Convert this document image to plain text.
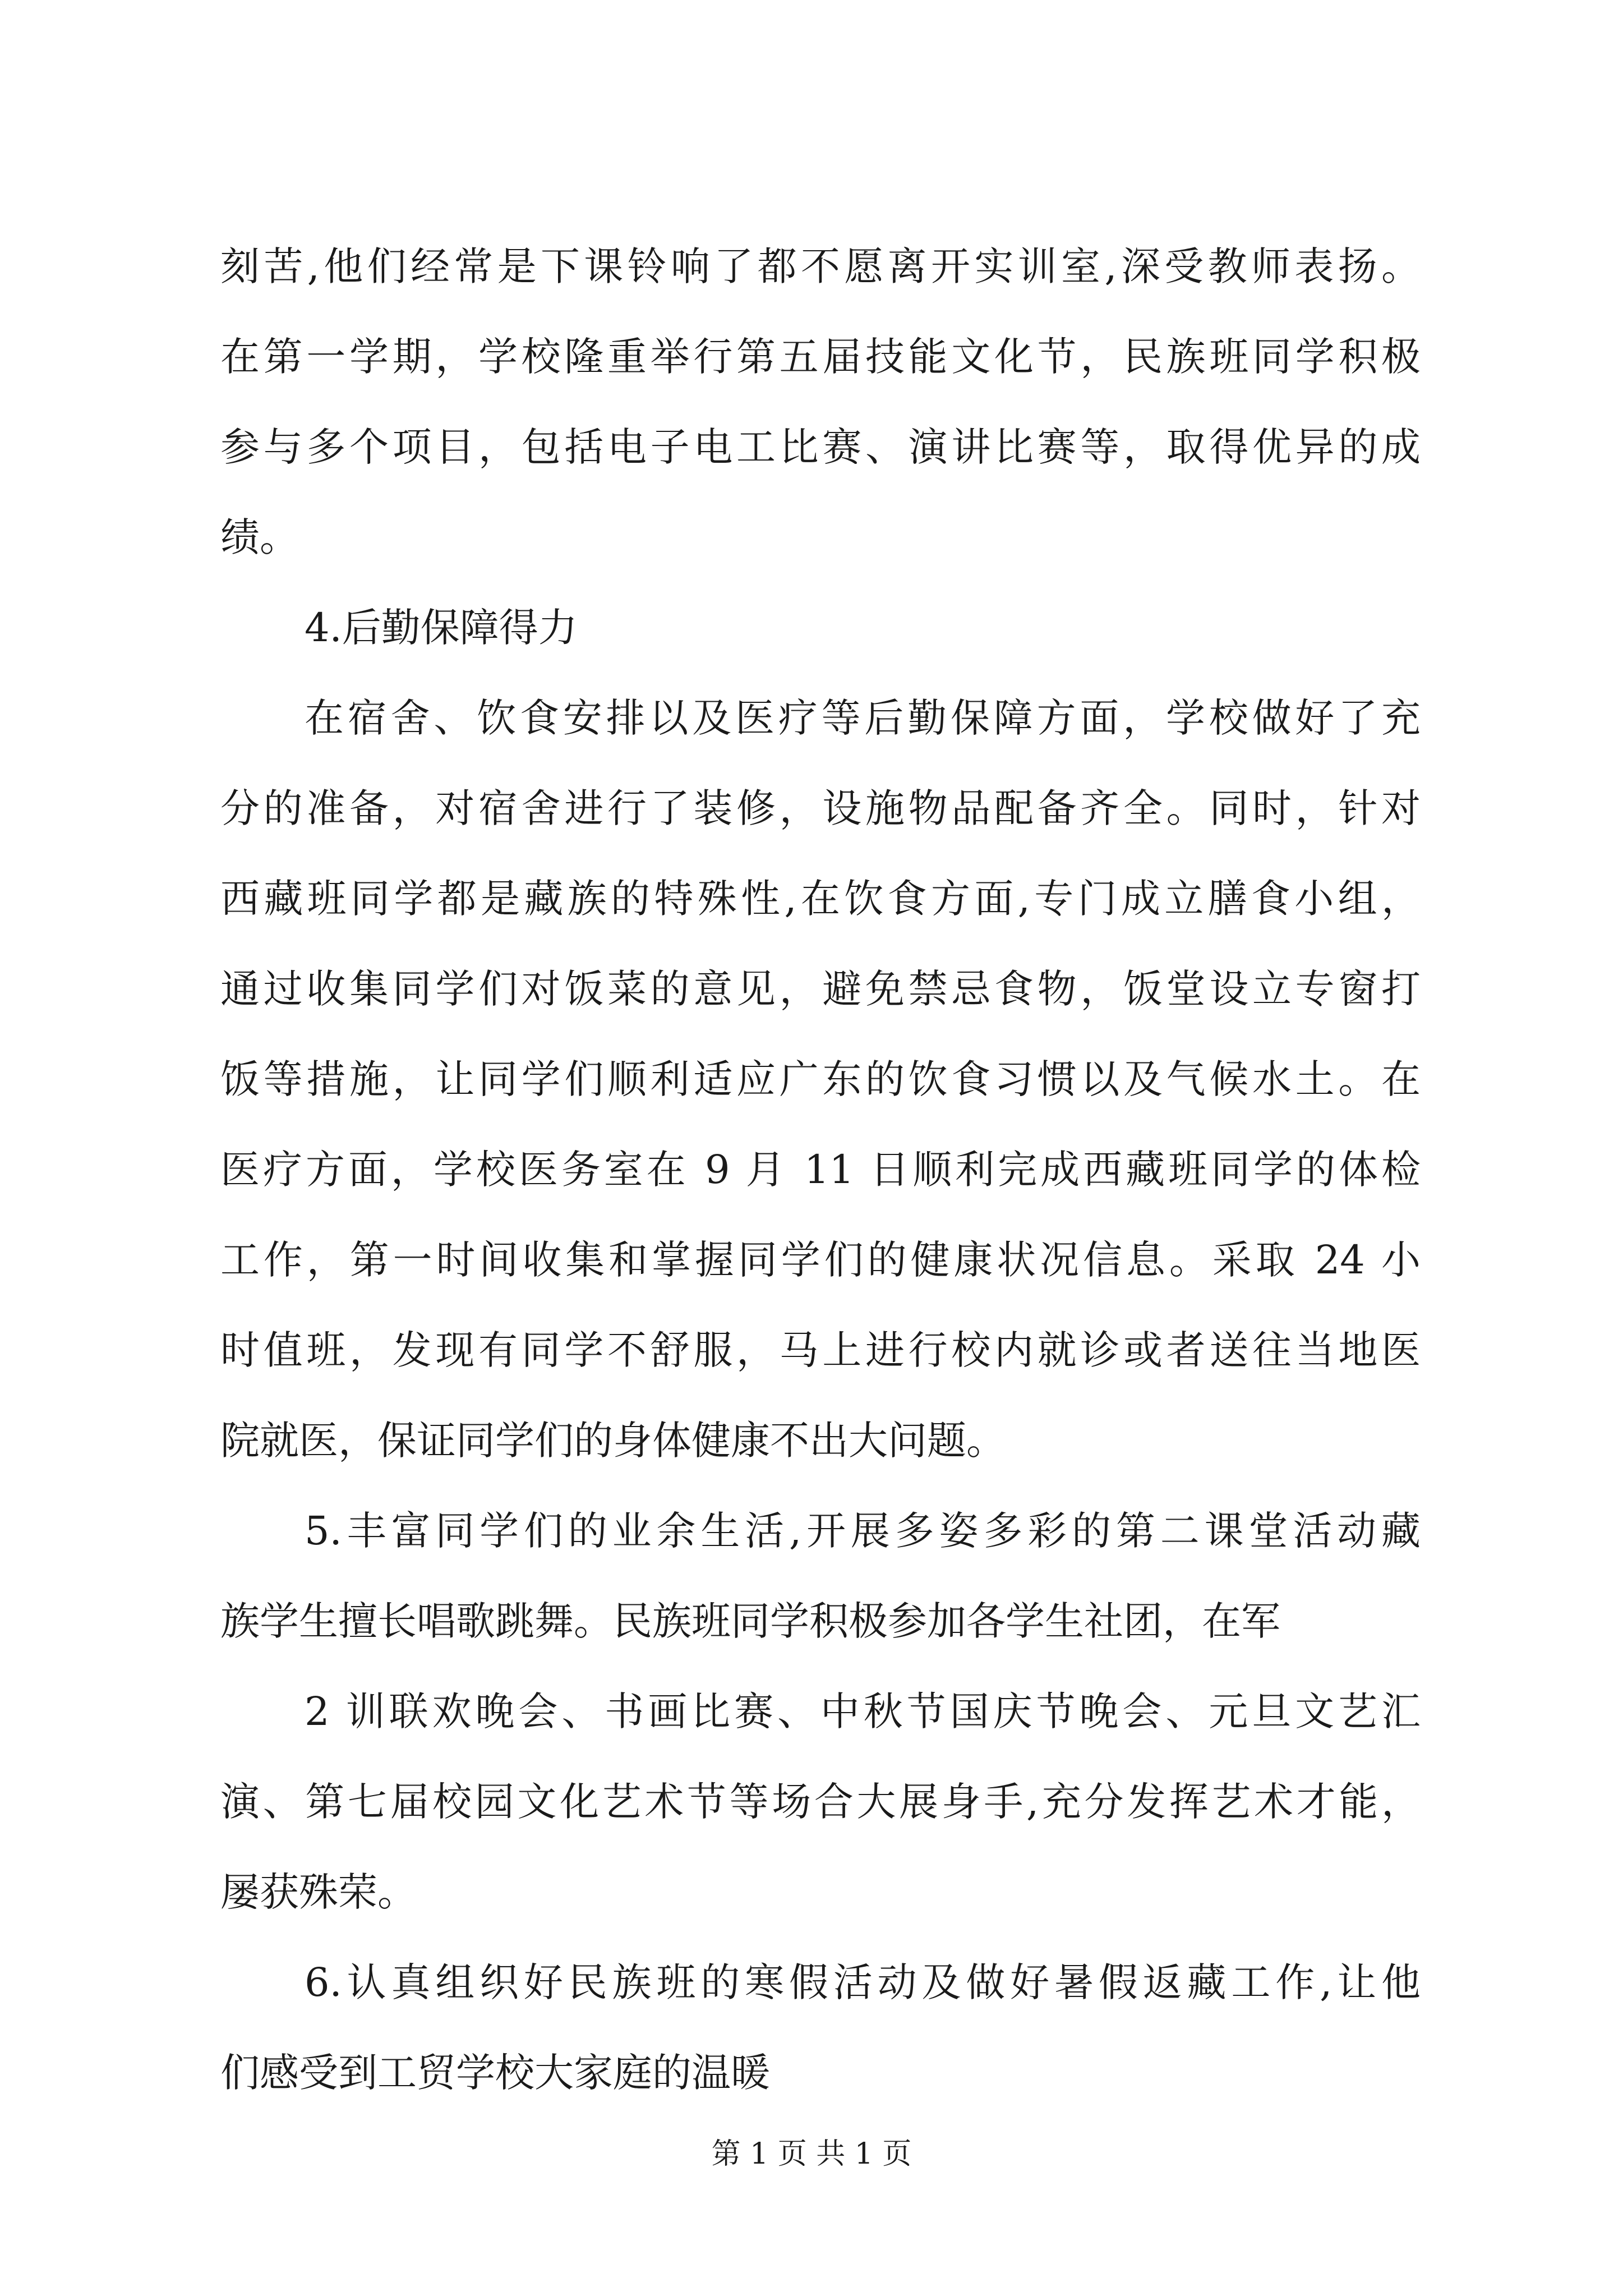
刻苦,他们经常是下课铃响了都不愿离开实训室,深受教师表扬。
在第一学期，学校隆重举行第五届技能文化节，民族班同学积极
参与多个项目，包括电子电工比赛、演讲比赛等，取得优异的成
绩。
4.后勤保障得力
在宿舍、饮食安排以及医疗等后勤保障方面，学校做好了充
分的准备，对宿舍进行了装修，设施物品配备齐全。同时，针对
西藏班同学都是藏族的特殊性,在饮食方面,专门成立膳食小组，
通过收集同学们对饭菜的意见，避免禁忌食物，饭堂设立专窗打
饭等措施，让同学们顺利适应广东的饮食习惯以及气候水土。在
医疗方面，学校医务室在 9 月 11 日顺利完成西藏班同学的体检
工作，第一时间收集和掌握同学们的健康状况信息。采取 24 小
时值班，发现有同学不舒服，马上进行校内就诊或者送往当地医
院就医，保证同学们的身体健康不出大问题。
5.丰富同学们的业余生活,开展多姿多彩的第二课堂活动藏
族学生擅长唱歌跳舞。民族班同学积极参加各学生社团，在军
2 训联欢晚会、书画比赛、中秋节国庆节晚会、元旦文艺汇
演、第七届校园文化艺术节等场合大展身手,充分发挥艺术才能，
屡获殊荣。
6.认真组织好民族班的寒假活动及做好暑假返藏工作,让他
们感受到工贸学校大家庭的温暖
第 1 页 共 1 页
